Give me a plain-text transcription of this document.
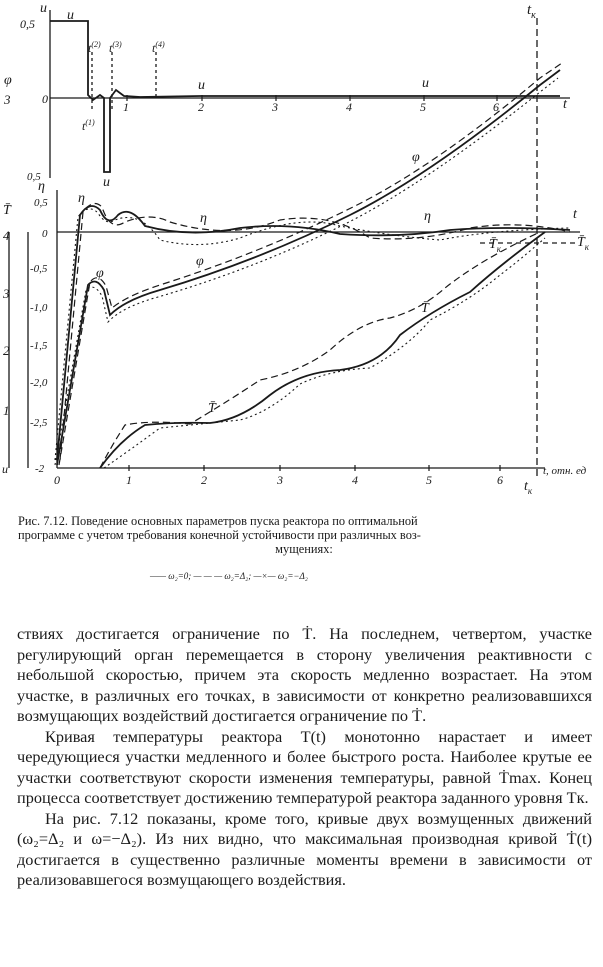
u
0,5
u
u	u
u
0
$t^{(1)}$
$t^{(2)}$ $t^{(3)}$	$t^{(4)}$
$t_к$
t
φ
3
T̄
4
3
2
1
u
η
0,5
0,5
0
-0,5
-1,0
-1,5
-2,0
-2,5
-2
η
η	η
φ
φ
φ
T̄
T̄
$T̄_к$	$T̄_к$
t
t, отн. ед
$t_к$
1	2	3	4	5	6
0	1	2	3	4	5	6
Рис. 7.12. Поведение основных параметров пуска реактора по оптимальной
программе с учетом требования конечной устойчивости при различных воз-
мущениях:
—— ω₂=0; — — — ω₂=Δ₂; —×— ω₂=−Δ₂

ствиях достигается ограничение по Ṫ. На последнем, четвертом, участке регулирующий орган перемещается в сторону увеличения реактивности с небольшой скоростью, причем эта скорость медленно возрастает. На этом участке, в различных его точках, в зависимости от конкретно реализовавшихся возмущающих воздействий достигается ограничение по Ṫ.

Кривая температуры реактора T(t) монотонно нарастает и имеет чередующиеся участки медленного и более быстрого роста. Наиболее крутые ее участки соответствуют скорости изменения температуры, равной Ṫmax. Конец процесса соответствует достижению температурой реактора заданного уровня Tк.

На рис. 7.12 показаны, кроме того, кривые двух возмущенных движений (ω₂=Δ₂ и ω=−Δ₂). Из них видно, что максимальная производная кривой Ṫ(t) достигается в существенно различные моменты времени в зависимости от реализовавшегося возмущающего воздействия.
